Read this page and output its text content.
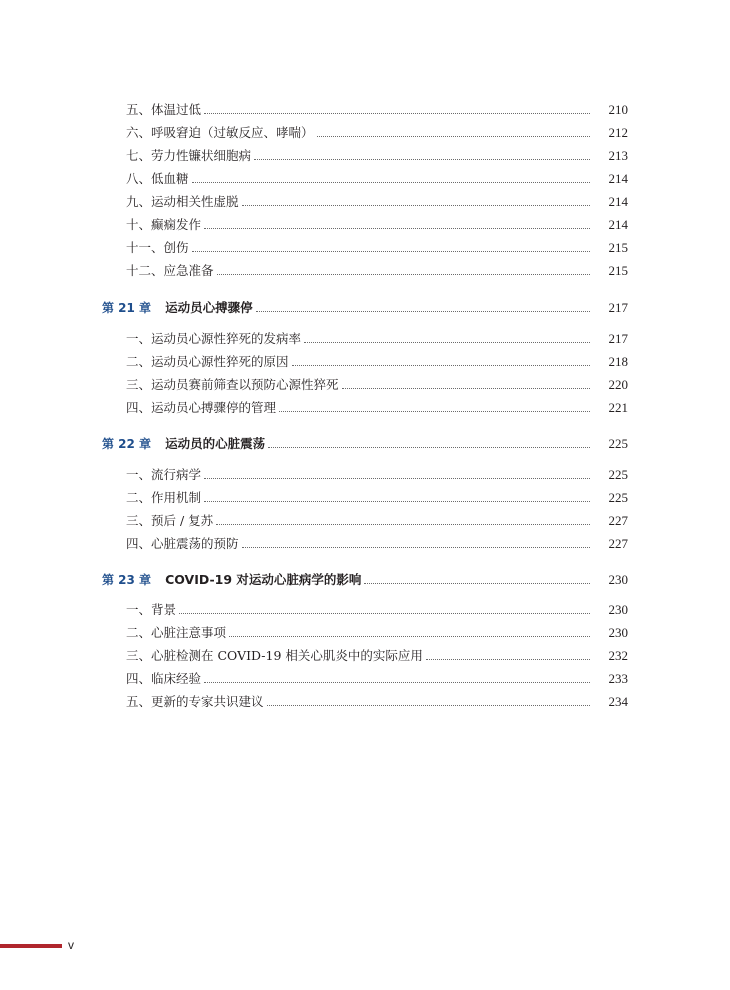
五、体温过低	210
六、呼吸窘迫（过敏反应、哮喘）	212
七、劳力性镰状细胞病	213
八、低血糖	214
九、运动相关性虚脱	214
十、癫痫发作	214
十一、创伤	215
十二、应急准备	215
第 21 章 运动员心搏骤停	217
一、运动员心源性猝死的发病率	217
二、运动员心源性猝死的原因	218
三、运动员赛前筛查以预防心源性猝死	220
四、运动员心搏骤停的管理	221
第 22 章 运动员的心脏震荡	225
一、流行病学	225
二、作用机制	225
三、预后 / 复苏	227
四、心脏震荡的预防	227
第 23 章 COVID-19 对运动心脏病学的影响	230
一、背景	230
二、心脏注意事项	230
三、心脏检测在 COVID-19 相关心肌炎中的实际应用	232
四、临床经验	233
五、更新的专家共识建议	234
v
